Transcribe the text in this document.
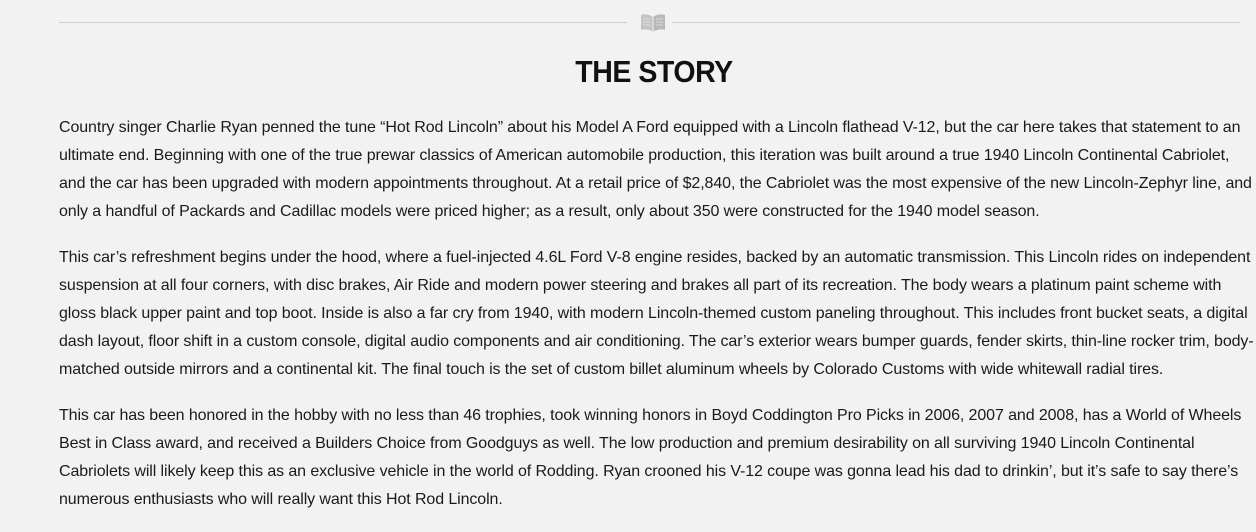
THE STORY

Country singer Charlie Ryan penned the tune “Hot Rod Lincoln” about his Model A Ford equipped with a Lincoln flathead V-12, but the car here takes that statement to an ultimate end. Beginning with one of the true prewar classics of American automobile production, this iteration was built around a true 1940 Lincoln Continental Cabriolet, and the car has been upgraded with modern appointments throughout. At a retail price of $2,840, the Cabriolet was the most expensive of the new Lincoln-Zephyr line, and only a handful of Packards and Cadillac models were priced higher; as a result, only about 350 were constructed for the 1940 model season.

This car’s refreshment begins under the hood, where a fuel-injected 4.6L Ford V-8 engine resides, backed by an automatic transmission. This Lincoln rides on independent suspension at all four corners, with disc brakes, Air Ride and modern power steering and brakes all part of its recreation. The body wears a platinum paint scheme with gloss black upper paint and top boot. Inside is also a far cry from 1940, with modern Lincoln-themed custom paneling throughout. This includes front bucket seats, a digital dash layout, floor shift in a custom console, digital audio components and air conditioning. The car’s exterior wears bumper guards, fender skirts, thin-line rocker trim, body-matched outside mirrors and a continental kit. The final touch is the set of custom billet aluminum wheels by Colorado Customs with wide whitewall radial tires.

This car has been honored in the hobby with no less than 46 trophies, took winning honors in Boyd Coddington Pro Picks in 2006, 2007 and 2008, has a World of Wheels Best in Class award, and received a Builders Choice from Goodguys as well. The low production and premium desirability on all surviving 1940 Lincoln Continental Cabriolets will likely keep this as an exclusive vehicle in the world of Rodding. Ryan crooned his V-12 coupe was gonna lead his dad to drinkin’, but it’s safe to say there’s numerous enthusiasts who will really want this Hot Rod Lincoln.
